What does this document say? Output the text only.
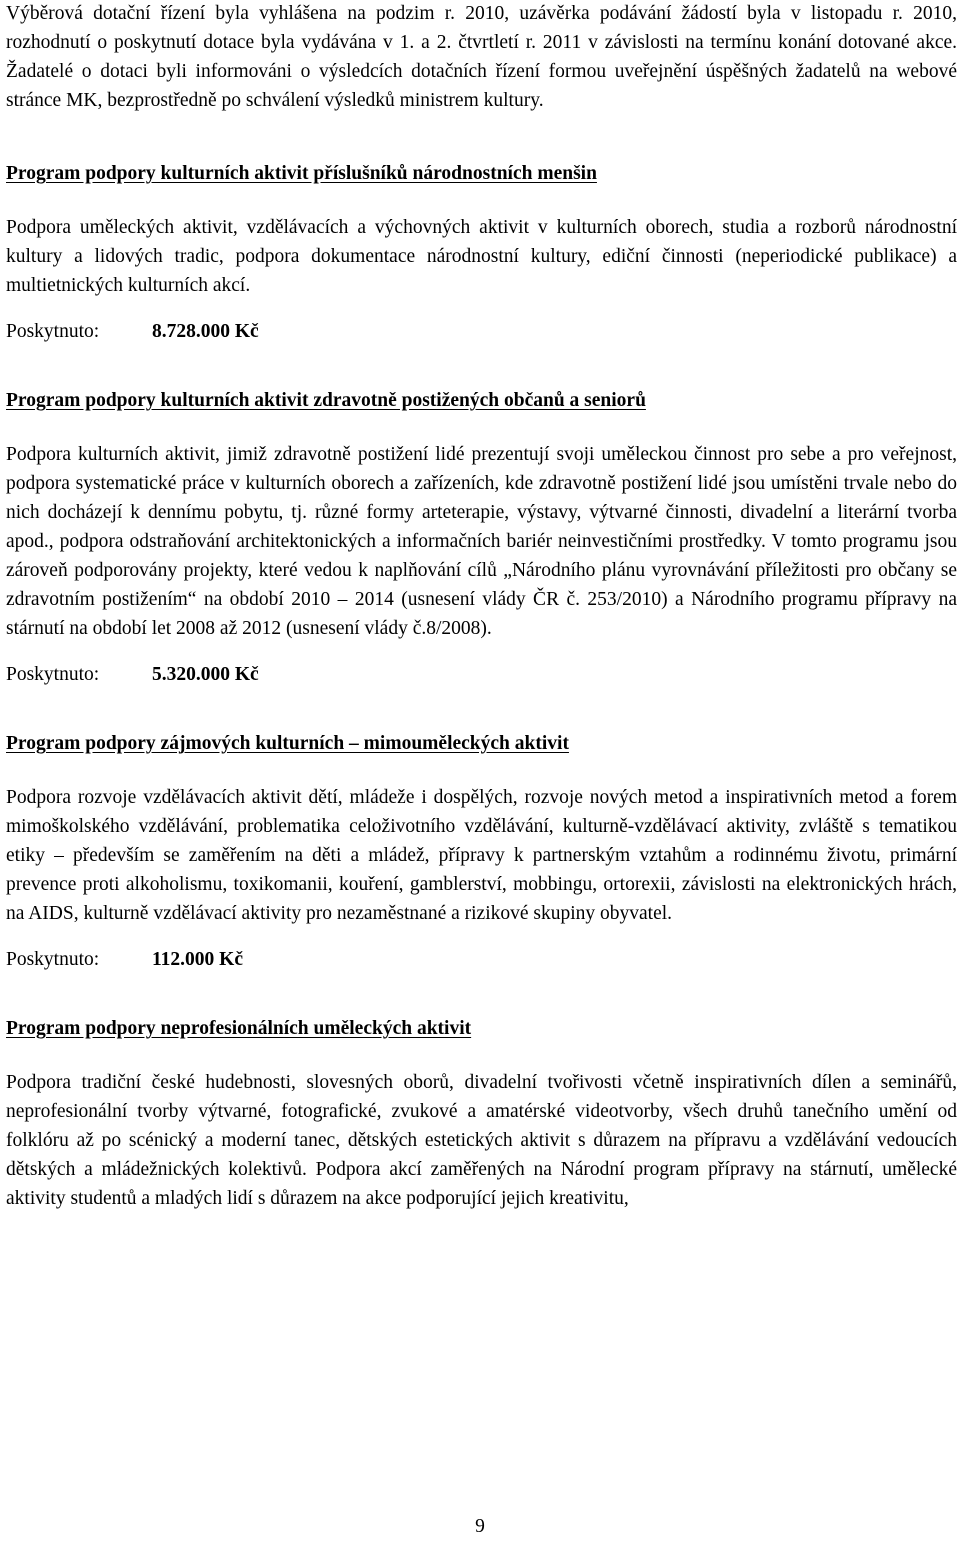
Výběrová dotační řízení byla vyhlášena na podzim r. 2010, uzávěrka podávání žádostí byla v listopadu r. 2010, rozhodnutí o poskytnutí dotace byla vydávána v 1. a 2. čtvrtletí r. 2011 v závislosti na termínu konání dotované akce. Žadatelé o dotaci byli informováni o výsledcích dotačních řízení formou uveřejnění úspěšných žadatelů na webové stránce MK, bezprostředně po schválení výsledků ministrem kultury.

Program podpory kulturních aktivit příslušníků národnostních menšin

Podpora uměleckých aktivit, vzdělávacích a výchovných aktivit v kulturních oborech, studia a rozborů národnostní kultury a lidových tradic, podpora dokumentace národnostní kultury, ediční činnosti (neperiodické publikace) a multietnických kulturních akcí.

Poskytnuto:	8.728.000 Kč
Program podpory kulturních aktivit zdravotně postižených občanů a seniorů

Podpora kulturních aktivit, jimiž zdravotně postižení lidé prezentují svoji uměleckou činnost pro sebe a pro veřejnost, podpora systematické práce v kulturních oborech a zařízeních, kde zdravotně postižení lidé jsou umístěni trvale nebo do nich docházejí k dennímu pobytu, tj. různé formy arteterapie, výstavy, výtvarné činnosti, divadelní a literární tvorba apod., podpora odstraňování architektonických a informačních bariér neinvestičními prostředky. V tomto programu jsou zároveň podporovány projekty, které vedou k naplňování cílů „Národního plánu vyrovnávání příležitosti pro občany se zdravotním postižením“ na období 2010 – 2014 (usnesení vlády ČR č. 253/2010) a Národního programu přípravy na stárnutí na období let 2008 až 2012 (usnesení vlády č.8/2008).

Poskytnuto:	5.320.000 Kč
Program podpory zájmových kulturních – mimouměleckých aktivit

Podpora rozvoje vzdělávacích aktivit dětí, mládeže i dospělých, rozvoje nových metod a inspirativních metod a forem mimoškolského vzdělávání, problematika celoživotního vzdělávání, kulturně-vzdělávací aktivity, zvláště s tematikou etiky – především se zaměřením na děti a mládež, přípravy k partnerským vztahům a rodinnému životu, primární prevence proti alkoholismu, toxikomanii, kouření, gamblerství, mobbingu, ortorexii, závislosti na elektronických hrách, na AIDS, kulturně vzdělávací aktivity pro nezaměstnané a rizikové skupiny obyvatel.

Poskytnuto:	112.000 Kč
Program podpory neprofesionálních uměleckých aktivit

Podpora tradiční české hudebnosti, slovesných oborů, divadelní tvořivosti včetně inspirativních dílen a seminářů, neprofesionální tvorby výtvarné, fotografické, zvukové a amatérské videotvorby, všech druhů tanečního umění od folklóru až po scénický a moderní tanec, dětských estetických aktivit s důrazem na přípravu a vzdělávání vedoucích dětských a mládežnických kolektivů. Podpora akcí zaměřených na Národní program přípravy na stárnutí, umělecké aktivity studentů a mladých lidí s důrazem na akce podporující jejich kreativitu,

9
